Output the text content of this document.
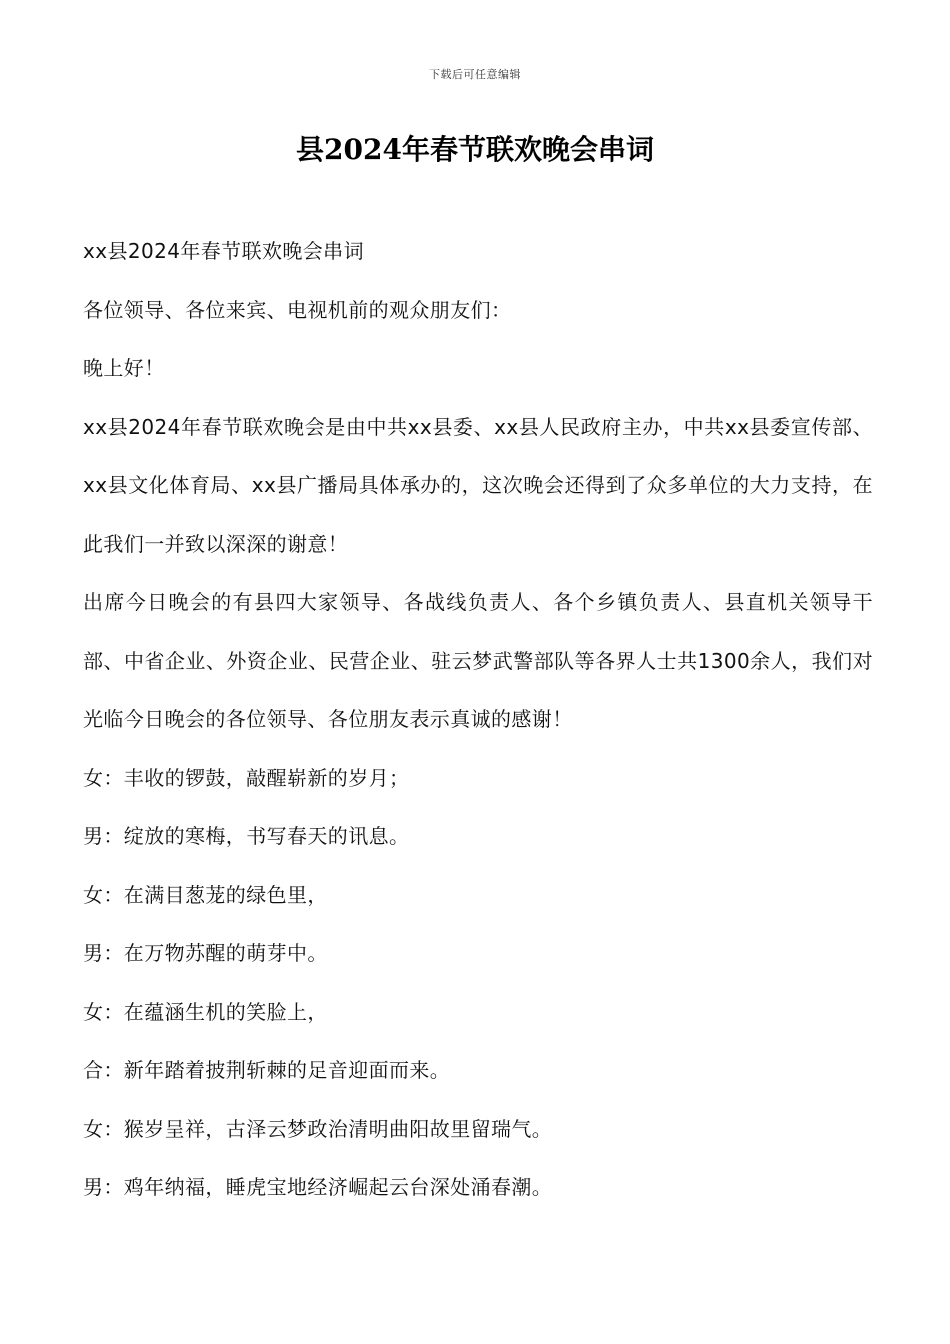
下载后可任意编辑
县2024年春节联欢晚会串词

xx县2024年春节联欢晚会串词

各位领导、各位来宾、电视机前的观众朋友们：

晚上好！

xx县2024年春节联欢晚会是由中共xx县委、xx县人民政府主办，中共xx县委宣传部、xx县文化体育局、xx县广播局具体承办的，这次晚会还得到了众多单位的大力支持，在此我们一并致以深深的谢意！

出席今日晚会的有县四大家领导、各战线负责人、各个乡镇负责人、县直机关领导干部、中省企业、外资企业、民营企业、驻云梦武警部队等各界人士共1300余人，我们对光临今日晚会的各位领导、各位朋友表示真诚的感谢！

女：丰收的锣鼓，敲醒崭新的岁月；

男：绽放的寒梅，书写春天的讯息。

女：在满目葱茏的绿色里，

男：在万物苏醒的萌芽中。

女：在蕴涵生机的笑脸上，

合：新年踏着披荆斩棘的足音迎面而来。

女：猴岁呈祥，古泽云梦政治清明曲阳故里留瑞气。

男：鸡年纳福，睡虎宝地经济崛起云台深处涌春潮。
